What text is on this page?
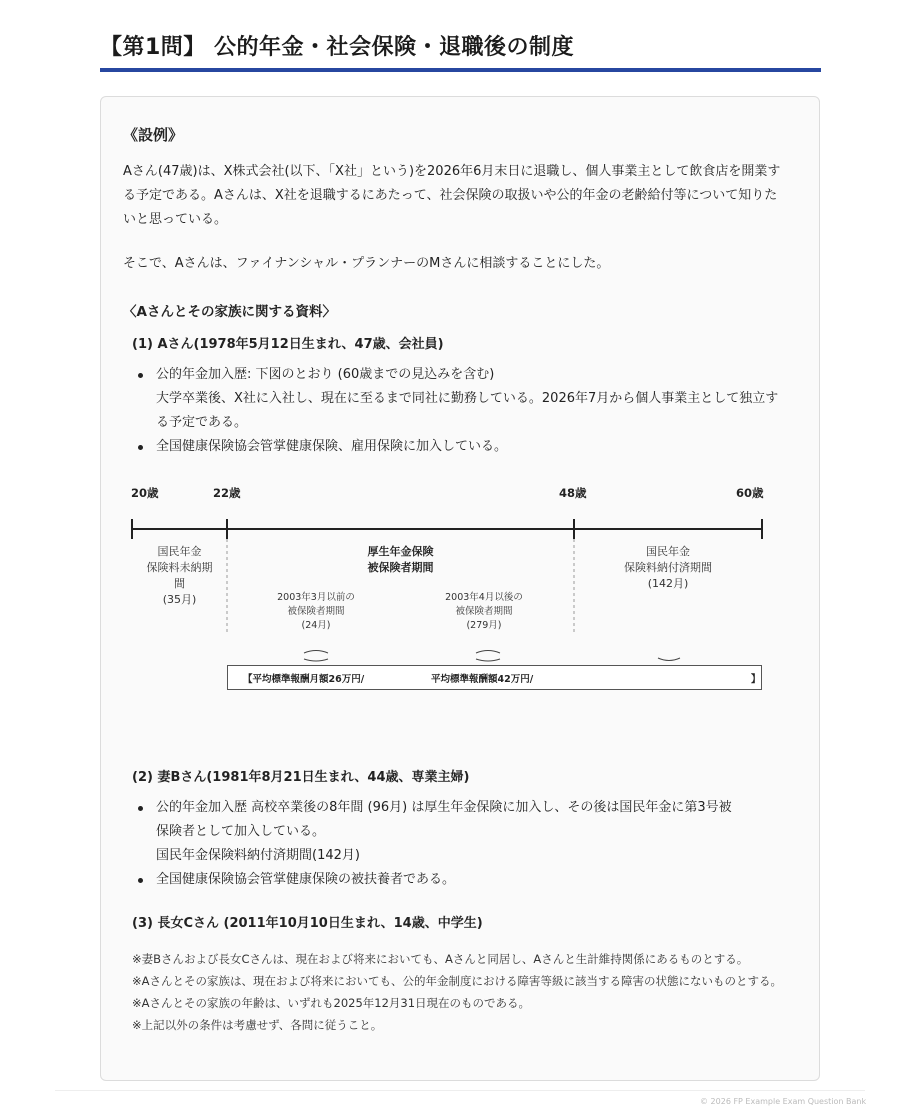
【第1問】 公的年金・社会保険・退職後の制度
《設例》
Aさん(47歳)は、X株式会社(以下、「X社」という)を2026年6月末日に退職し、個人事業主として飲食店を開業す
る予定である。Aさんは、X社を退職するにあたって、社会保険の取扱いや公的年金の老齢給付等について知りた
いと思っている。
そこで、Aさんは、ファイナンシャル・プランナーのMさんに相談することにした。
〈Aさんとその家族に関する資料〉
(1) Aさん(1978年5月12日生まれ、47歳、会社員)
公的年金加入歴: 下図のとおり (60歳までの見込みを含む)
大学卒業後、X社に入社し、現在に至るまで同社に勤務している。2026年7月から個人事業主として独立す
る予定である。
全国健康保険協会管掌健康保険、雇用保険に加入している。
20歳	22歳	48歳	60歳
国民年金
保険料未納期
間
(35月)
厚生年金保険
被保険者期間
2003年3月以前の
被保険者期間
(24月)
2003年4月以後の
被保険者期間
(279月)
国民年金
保険料納付済期間
(142月)
【平均標準報酬月額26万円/	平均標準報酬額42万円/	】
(2) 妻Bさん(1981年8月21日生まれ、44歳、専業主婦)
公的年金加入歴 高校卒業後の8年間 (96月) は厚生年金保険に加入し、その後は国民年金に第3号被
保険者として加入している。
国民年金保険料納付済期間(142月)
全国健康保険協会管掌健康保険の被扶養者である。
(3) 長女Cさん (2011年10月10日生まれ、14歳、中学生)
※妻Bさんおよび長女Cさんは、現在および将来においても、Aさんと同居し、Aさんと生計維持関係にあるものとする。
※Aさんとその家族は、現在および将来においても、公的年金制度における障害等級に該当する障害の状態にないものとする。
※Aさんとその家族の年齢は、いずれも2025年12月31日現在のものである。
※上記以外の条件は考慮せず、各問に従うこと。
© 2026 FP Example Exam Question Bank
